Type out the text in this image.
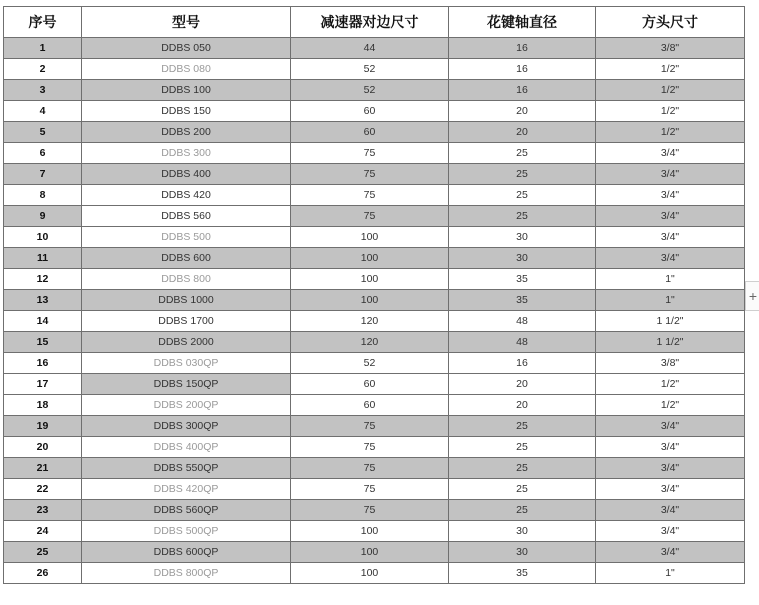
序号	型号	减速器对边尺寸	花键轴直径	方头尺寸
1	DDBS 050	44	16	3/8"
2	DDBS 080	52	16	1/2"
3	DDBS 100	52	16	1/2"
4	DDBS 150	60	20	1/2"
5	DDBS 200	60	20	1/2"
6	DDBS 300	75	25	3/4"
7	DDBS 400	75	25	3/4"
8	DDBS 420	75	25	3/4"
9	DDBS 560	75	25	3/4"
10	DDBS 500	100	30	3/4"
11	DDBS 600	100	30	3/4"
12	DDBS 800	100	35	1"
13	DDBS 1000	100	35	1"
14	DDBS 1700	120	48	1 1/2"
15	DDBS 2000	120	48	1 1/2"
16	DDBS 030QP	52	16	3/8"
17	DDBS 150QP	60	20	1/2"
18	DDBS 200QP	60	20	1/2"
19	DDBS 300QP	75	25	3/4"
20	DDBS 400QP	75	25	3/4"
21	DDBS 550QP	75	25	3/4"
22	DDBS 420QP	75	25	3/4"
23	DDBS 560QP	75	25	3/4"
24	DDBS 500QP	100	30	3/4"
25	DDBS 600QP	100	30	3/4"
26	DDBS 800QP	100	35	1"
+
